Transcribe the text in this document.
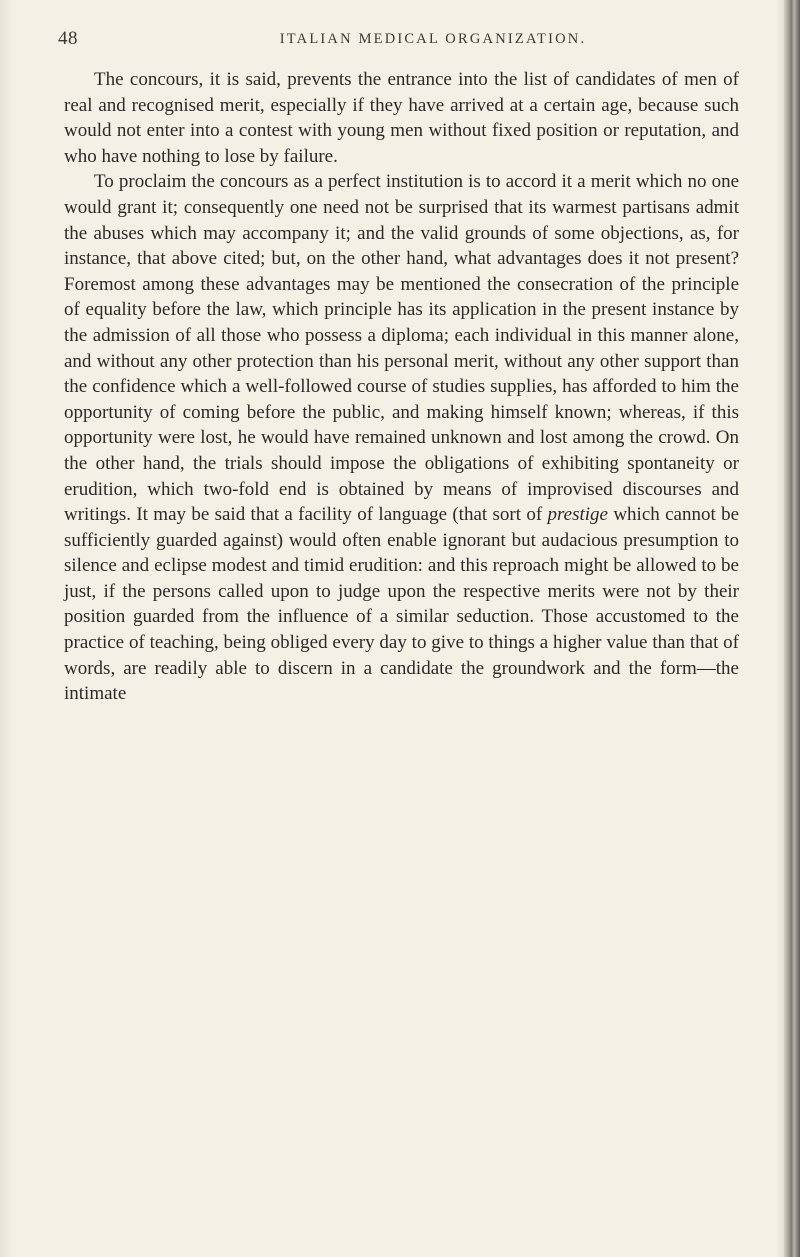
48	ITALIAN MEDICAL ORGANIZATION.

The concours, it is said, prevents the entrance into the list of candidates of men of real and recognised merit, especially if they have arrived at a certain age, because such would not enter into a contest with young men without fixed position or reputation, and who have nothing to lose by failure.

To proclaim the concours as a perfect institution is to accord it a merit which no one would grant it; consequently one need not be surprised that its warmest partisans admit the abuses which may accompany it; and the valid grounds of some objections, as, for instance, that above cited; but, on the other hand, what advantages does it not present? Foremost among these advantages may be mentioned the consecration of the principle of equality before the law, which principle has its application in the present instance by the admission of all those who possess a diploma; each individual in this manner alone, and without any other protection than his personal merit, without any other support than the confidence which a well-followed course of studies supplies, has afforded to him the opportunity of coming before the public, and making himself known; whereas, if this opportunity were lost, he would have remained unknown and lost among the crowd. On the other hand, the trials should impose the obligations of exhibiting spontaneity or erudition, which two-fold end is obtained by means of improvised discourses and writings. It may be said that a facility of language (that sort of prestige which cannot be sufficiently guarded against) would often enable ignorant but audacious presumption to silence and eclipse modest and timid erudition: and this reproach might be allowed to be just, if the persons called upon to judge upon the respective merits were not by their position guarded from the influence of a similar seduction. Those accustomed to the practice of teaching, being obliged every day to give to things a higher value than that of words, are readily able to discern in a candidate the groundwork and the form—the intimate
